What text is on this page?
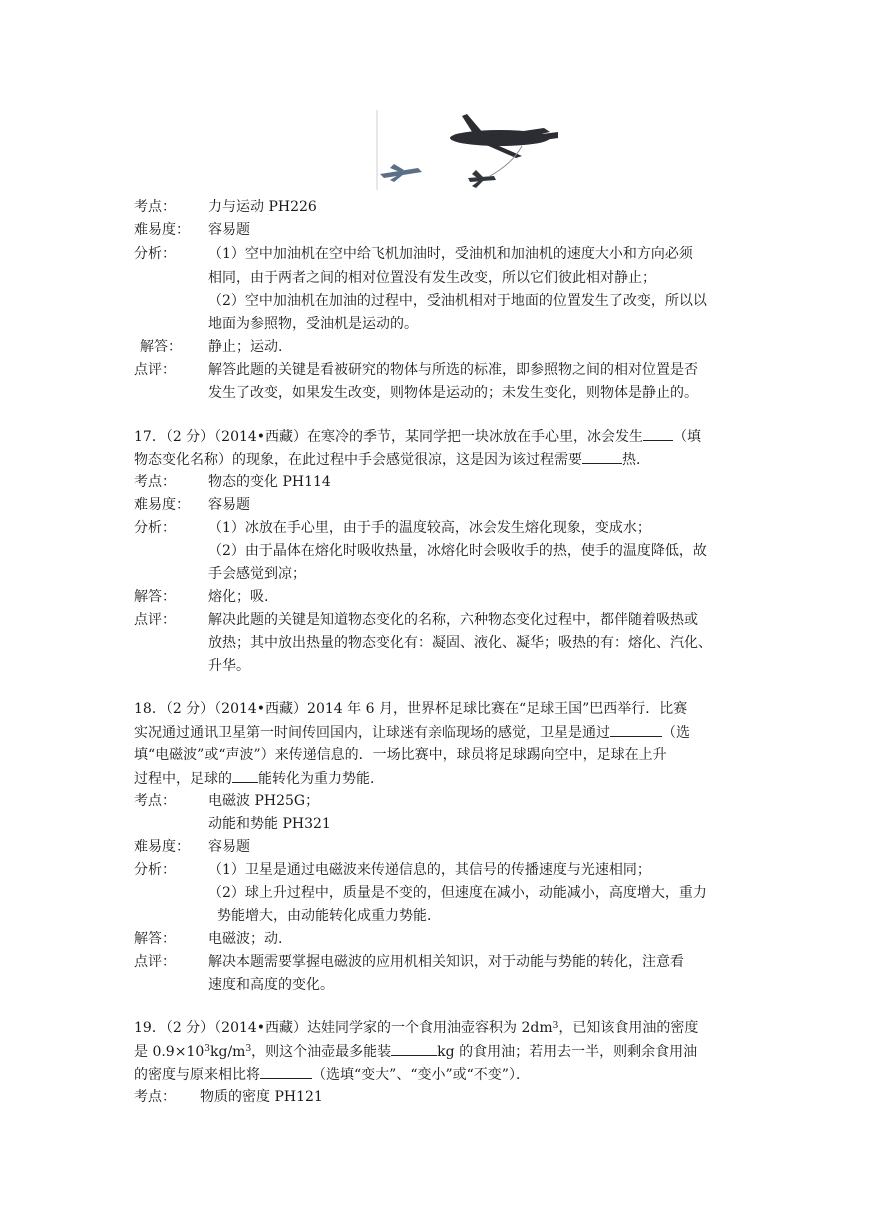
考点： 力与运动 PH226
难易度： 容易题
分析： （1）空中加油机在空中给飞机加油时，受油机和加油机的速度大小和方向必须
相同，由于两者之间的相对位置没有发生改变，所以它们彼此相对静止；
（2）空中加油机在加油的过程中，受油机相对于地面的位置发生了改变，所以以
地面为参照物，受油机是运动的。
解答： 静止；运动.
点评： 解答此题的关键是看被研究的物体与所选的标准，即参照物之间的相对位置是否
发生了改变，如果发生改变，则物体是运动的；未发生变化，则物体是静止的。
17．（2 分）（2014•西藏）在寒冷的季节，某同学把一块冰放在手心里，冰会发生 （填
物态变化名称）的现象，在此过程中手会感觉很凉，这是因为该过程需要	热．
考点： 物态的变化 PH114
难易度： 容易题
分析： （1）冰放在手心里，由于手的温度较高，冰会发生熔化现象，变成水；
（2）由于晶体在熔化时吸收热量，冰熔化时会吸收手的热，使手的温度降低，故
手会感觉到凉；
解答： 熔化；吸.
点评： 解决此题的关键是知道物态变化的名称，六种物态变化过程中，都伴随着吸热或
放热；其中放出热量的物态变化有：凝固、液化、凝华；吸热的有：熔化、汽化、
升华。
18．（2 分）（2014•西藏）2014 年 6 月，世界杯足球比赛在“足球王国”巴西举行．比赛
实况通过通讯卫星第一时间传回国内，让球迷有亲临现场的感觉，卫星是通过	（选
填“电磁波”或“声波”）来传递信息的．一场比赛中，球员将足球踢向空中，足球在上升
过程中，足球的 能转化为重力势能．
考点： 电磁波 PH25G；
动能和势能 PH321
难易度： 容易题
分析： （1）卫星是通过电磁波来传递信息的，其信号的传播速度与光速相同；
（2）球上升过程中，质量是不变的，但速度在减小，动能减小，高度增大，重力
势能增大，由动能转化成重力势能．
解答： 电磁波；动.
点评： 解决本题需要掌握电磁波的应用机相关知识，对于动能与势能的转化，注意看
速度和高度的变化。
19．（2 分）（2014•西藏）达娃同学家的一个食用油壶容积为 $2dm^3$，已知该食用油的密度
是 $0.9\times 10^3kg/m^3$，则这个油壶最多能装	kg 的食用油；若用去一半，则剩余食用油
的密度与原来相比将	（选填“变大”、“变小”或“不变”）．
考点： 物质的密度 PH121
